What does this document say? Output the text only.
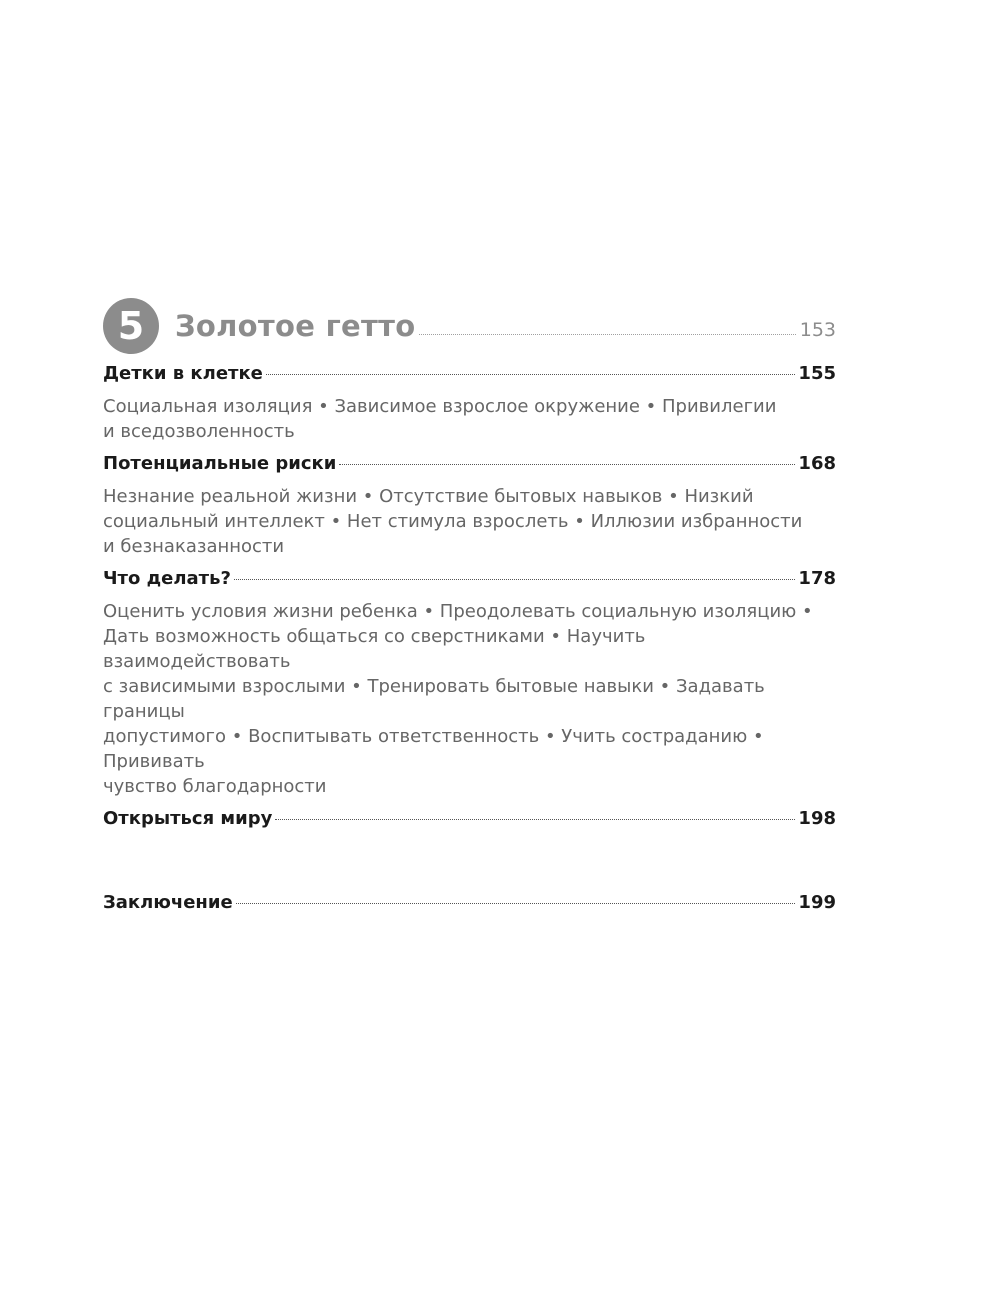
5	Золотое гетто	153
Детки в клетке	155
Социальная изоляция • Зависимое взрослое окружение • Привилегии
и вседозволенность
Потенциальные риски	168
Незнание реальной жизни • Отсутствие бытовых навыков • Низкий
социальный интеллект • Нет стимула взрослеть • Иллюзии избранности
и безнаказанности
Что делать?	178
Оценить условия жизни ребенка • Преодолевать социальную изоляцию •
Дать возможность общаться со сверстниками • Научить взаимодействовать
с зависимыми взрослыми • Тренировать бытовые навыки • Задавать границы
допустимого • Воспитывать ответственность • Учить состраданию • Прививать
чувство благодарности
Открыться миру	198
Заключение	199
